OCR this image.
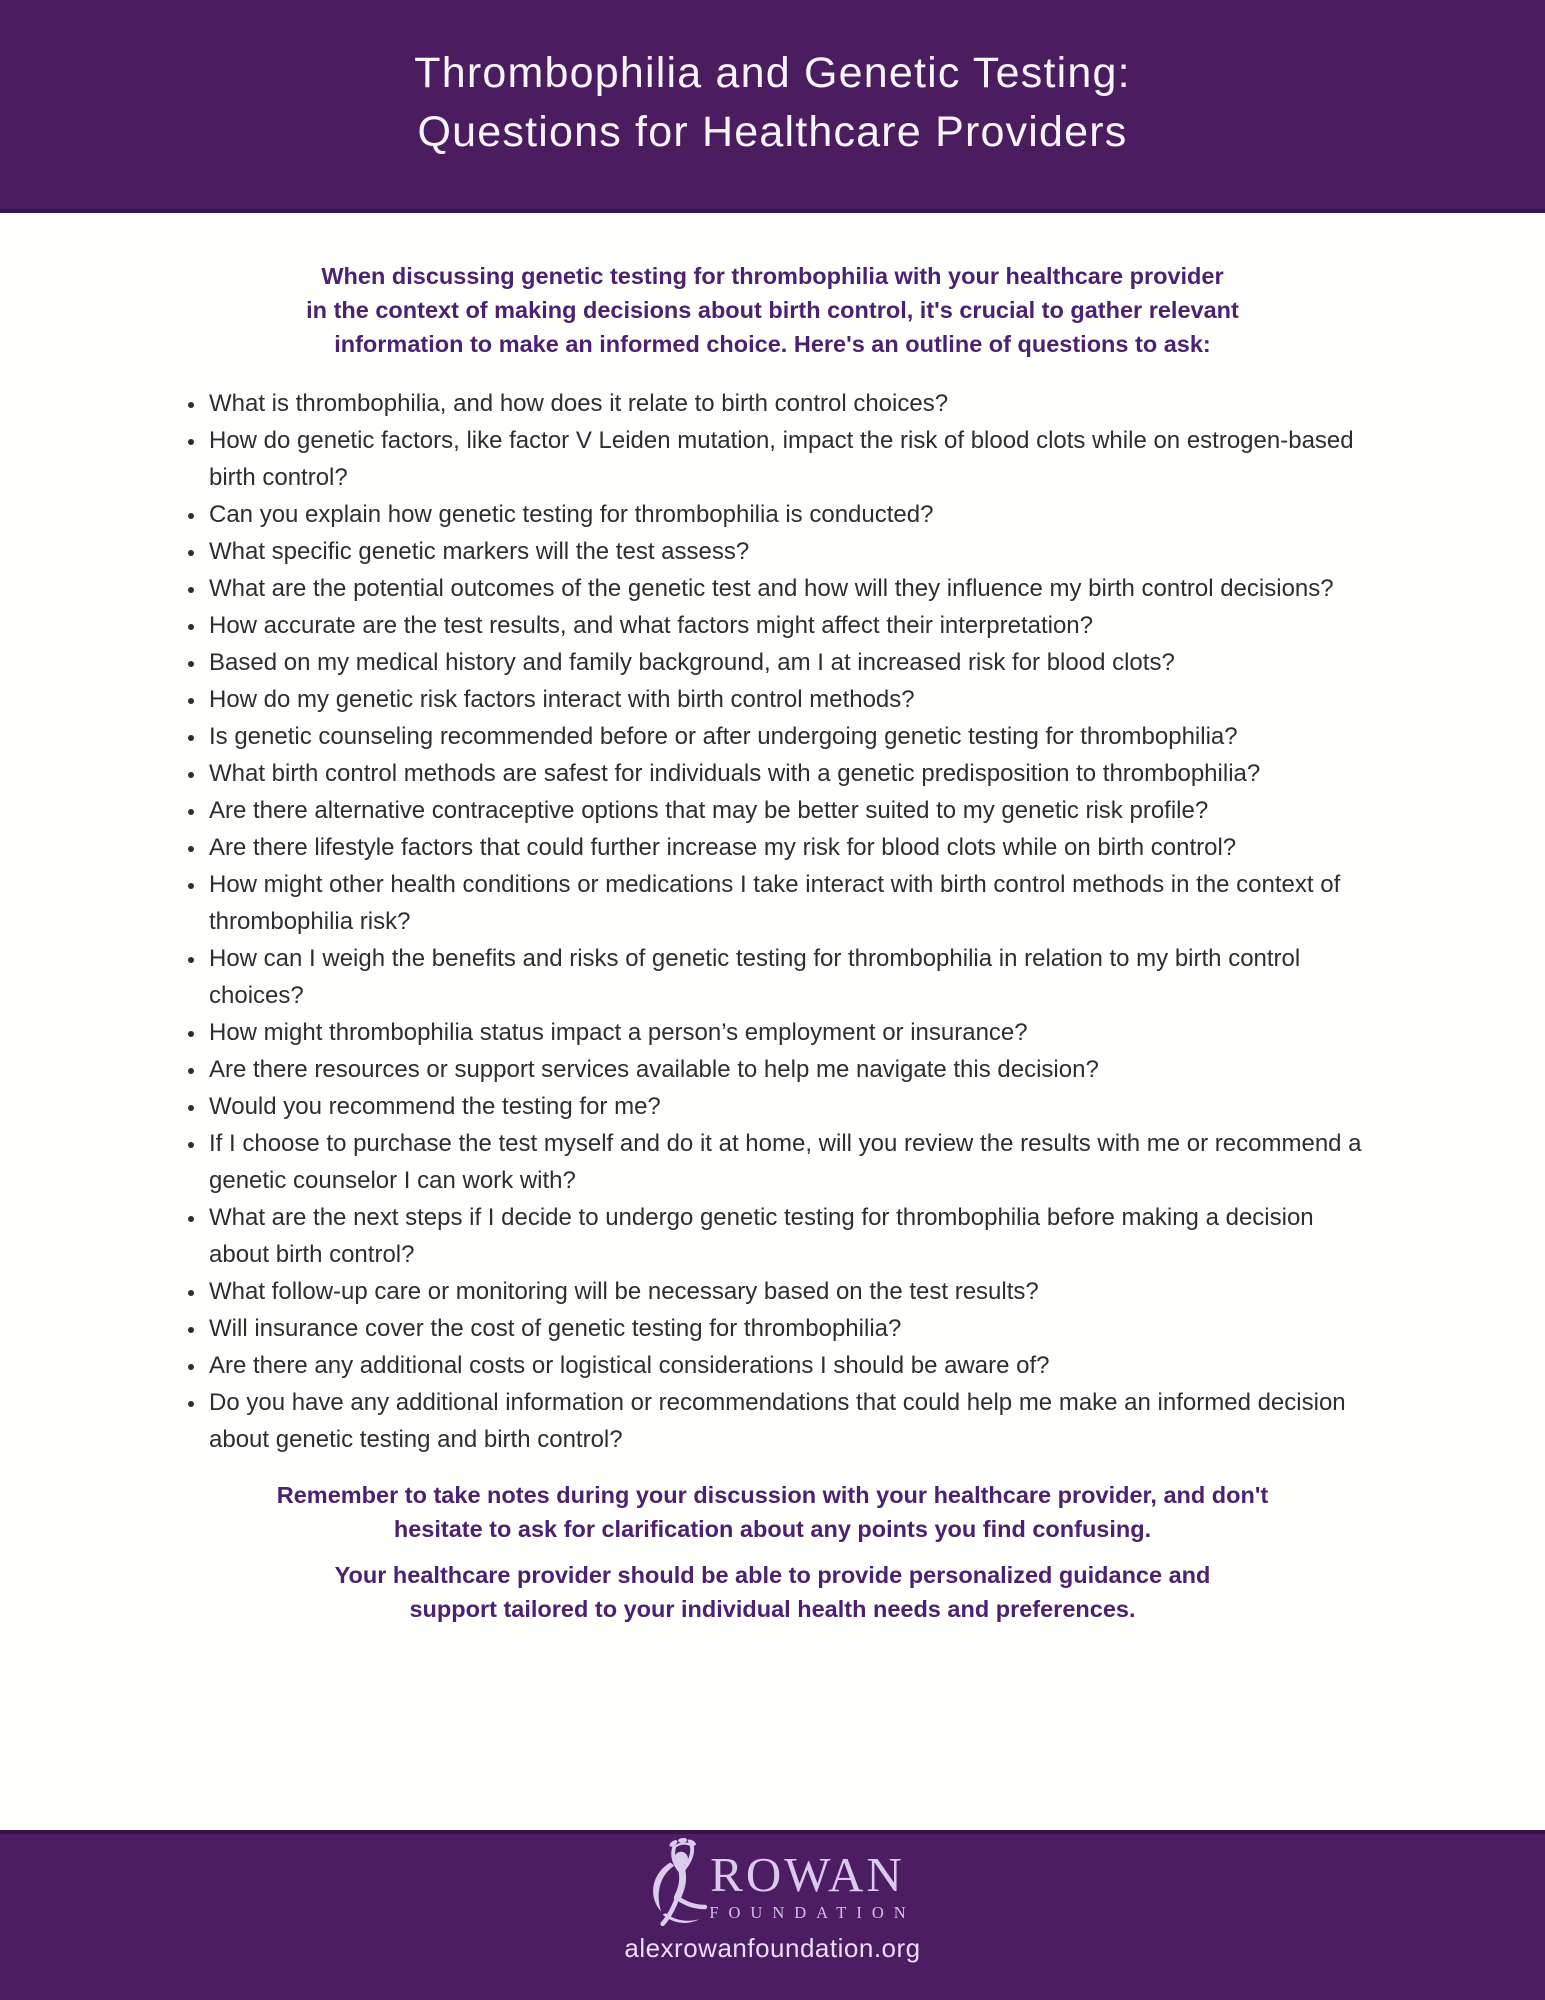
Thrombophilia and Genetic Testing:
Questions for Healthcare Providers

When discussing genetic testing for thrombophilia with your healthcare provider
in the context of making decisions about birth control, it's crucial to gather relevant
information to make an informed choice. Here's an outline of questions to ask:

• What is thrombophilia, and how does it relate to birth control choices?
• How do genetic factors, like factor V Leiden mutation, impact the risk of blood clots while on estrogen-based birth control?
• Can you explain how genetic testing for thrombophilia is conducted?
• What specific genetic markers will the test assess?
• What are the potential outcomes of the genetic test and how will they influence my birth control decisions?
• How accurate are the test results, and what factors might affect their interpretation?
• Based on my medical history and family background, am I at increased risk for blood clots?
• How do my genetic risk factors interact with birth control methods?
• Is genetic counseling recommended before or after undergoing genetic testing for thrombophilia?
• What birth control methods are safest for individuals with a genetic predisposition to thrombophilia?
• Are there alternative contraceptive options that may be better suited to my genetic risk profile?
• Are there lifestyle factors that could further increase my risk for blood clots while on birth control?
• How might other health conditions or medications I take interact with birth control methods in the context of thrombophilia risk?
• How can I weigh the benefits and risks of genetic testing for thrombophilia in relation to my birth control choices?
• How might thrombophilia status impact a person’s employment or insurance?
• Are there resources or support services available to help me navigate this decision?
• Would you recommend the testing for me?
• If I choose to purchase the test myself and do it at home, will you review the results with me or recommend a genetic counselor I can work with?
• What are the next steps if I decide to undergo genetic testing for thrombophilia before making a decision about birth control?
• What follow-up care or monitoring will be necessary based on the test results?
• Will insurance cover the cost of genetic testing for thrombophilia?
• Are there any additional costs or logistical considerations I should be aware of?
• Do you have any additional information or recommendations that could help me make an informed decision about genetic testing and birth control?

Remember to take notes during your discussion with your healthcare provider, and don't
hesitate to ask for clarification about any points you find confusing.

Your healthcare provider should be able to provide personalized guidance and
support tailored to your individual health needs and preferences.

ROWAN
FOUNDATION
alexrowanfoundation.org
